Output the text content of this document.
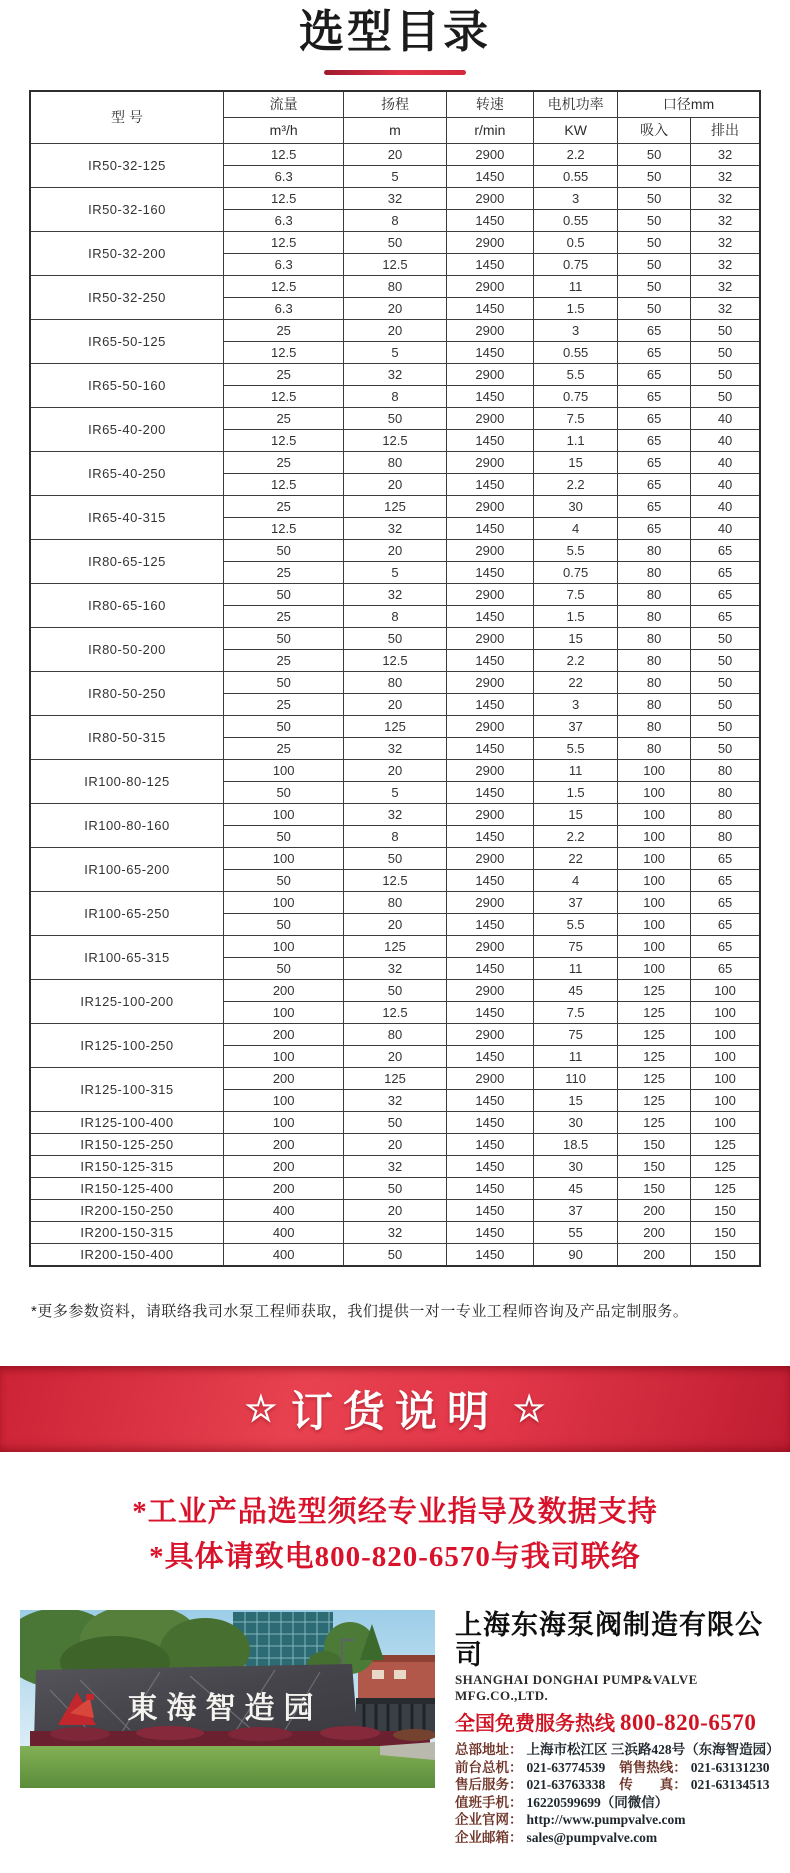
选型目录
型 号	流量	扬程	转速	电机功率	口径mm	
	m³/h	m	r/min	KW	吸入	排出
IR50-32-125	12.5	20	2900	2.2	50	32
	6.3	5	1450	0.55	50	32
IR50-32-160	12.5	32	2900	3	50	32
	6.3	8	1450	0.55	50	32
IR50-32-200	12.5	50	2900	0.5	50	32
	6.3	12.5	1450	0.75	50	32
IR50-32-250	12.5	80	2900	11	50	32
	6.3	20	1450	1.5	50	32
IR65-50-125	25	20	2900	3	65	50
	12.5	5	1450	0.55	65	50
IR65-50-160	25	32	2900	5.5	65	50
	12.5	8	1450	0.75	65	50
IR65-40-200	25	50	2900	7.5	65	40
	12.5	12.5	1450	1.1	65	40
IR65-40-250	25	80	2900	15	65	40
	12.5	20	1450	2.2	65	40
IR65-40-315	25	125	2900	30	65	40
	12.5	32	1450	4	65	40
IR80-65-125	50	20	2900	5.5	80	65
	25	5	1450	0.75	80	65
IR80-65-160	50	32	2900	7.5	80	65
	25	8	1450	1.5	80	65
IR80-50-200	50	50	2900	15	80	50
	25	12.5	1450	2.2	80	50
IR80-50-250	50	80	2900	22	80	50
	25	20	1450	3	80	50
IR80-50-315	50	125	2900	37	80	50
	25	32	1450	5.5	80	50
IR100-80-125	100	20	2900	11	100	80
	50	5	1450	1.5	100	80
IR100-80-160	100	32	2900	15	100	80
	50	8	1450	2.2	100	80
IR100-65-200	100	50	2900	22	100	65
	50	12.5	1450	4	100	65
IR100-65-250	100	80	2900	37	100	65
	50	20	1450	5.5	100	65
IR100-65-315	100	125	2900	75	100	65
	50	32	1450	11	100	65
IR125-100-200	200	50	2900	45	125	100
	100	12.5	1450	7.5	125	100
IR125-100-250	200	80	2900	75	125	100
	100	20	1450	11	125	100
IR125-100-315	200	125	2900	110	125	100
	100	32	1450	15	125	100
IR125-100-400	100	50	1450	30	125	100
IR150-125-250	200	20	1450	18.5	150	125
IR150-125-315	200	32	1450	30	150	125
IR150-125-400	200	50	1450	45	150	125
IR200-150-250	400	20	1450	37	200	150
IR200-150-315	400	32	1450	55	200	150
IR200-150-400	400	50	1450	90	200	150
*更多参数资料，请联络我司水泵工程师获取，我们提供一对一专业工程师咨询及产品定制服务。
☆ 订货说明 ☆
*工业产品选型须经专业指导及数据支持
*具体请致电800-820-6570与我司联络
東海智造园
上海东海泵阀制造有限公司
SHANGHAI DONGHAI PUMP&VALVE MFG.CO.,LTD.
全国免费服务热线 800-820-6570
总部地址： 上海市松江区 三浜路428号（东海智造园）
前台总机： 021-63774539 销售热线： 021-63131230
售后服务： 021-63763338 传　　真： 021-63134513
值班手机： 16220599699（同微信）
企业官网： http://www.pumpvalve.com
企业邮箱： sales@pumpvalve.com
